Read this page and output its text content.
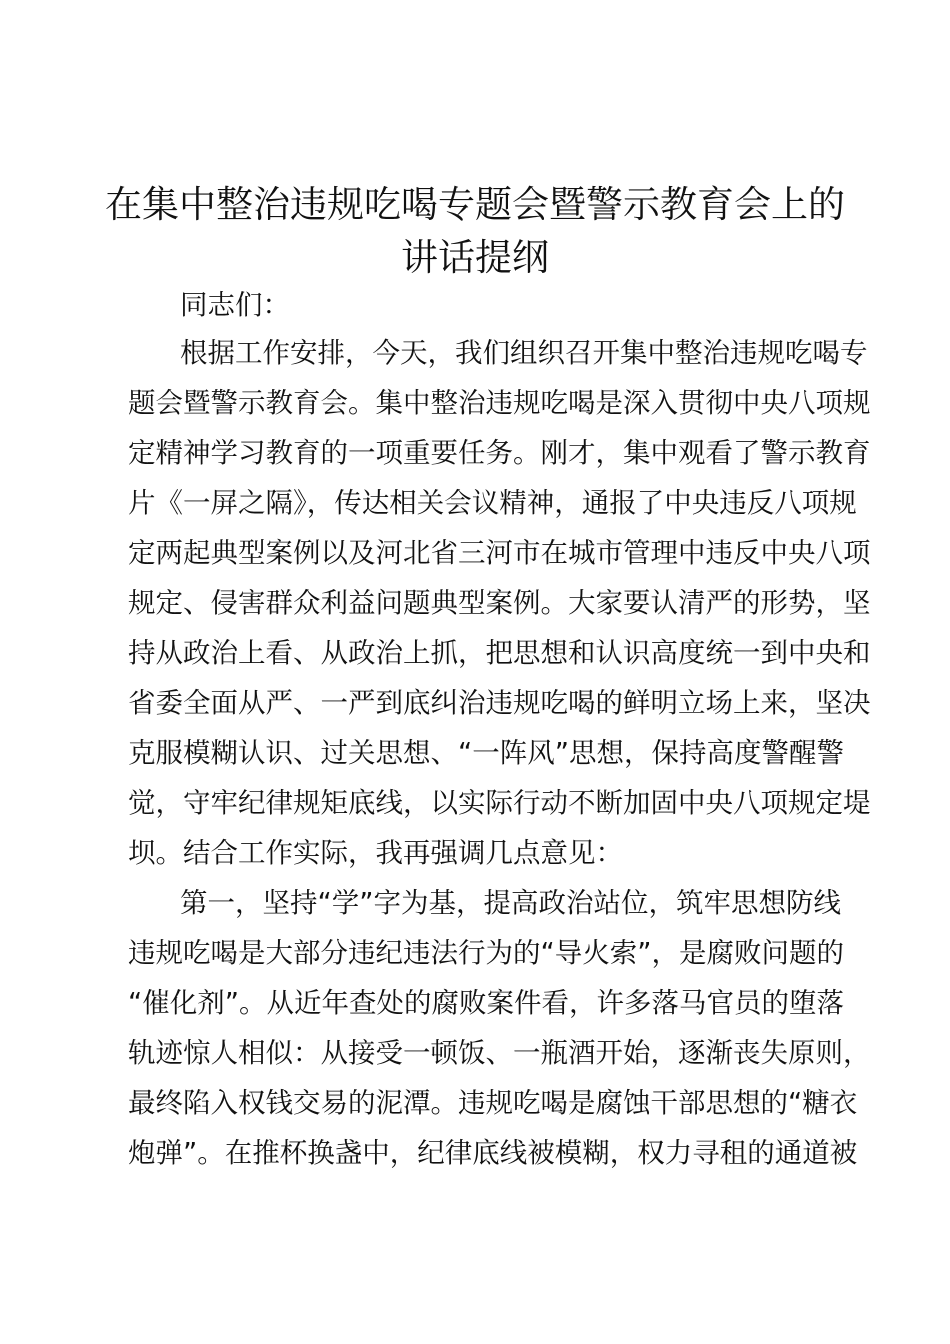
在集中整治违规吃喝专题会暨警示教育会上的
讲话提纲
同志们：
根据工作安排，今天，我们组织召开集中整治违规吃喝专
题会暨警示教育会。集中整治违规吃喝是深入贯彻中央八项规
定精神学习教育的一项重要任务。刚才，集中观看了警示教育
片《一屏之隔》，传达相关会议精神，通报了中央违反八项规
定两起典型案例以及河北省三河市在城市管理中违反中央八项
规定、侵害群众利益问题典型案例。大家要认清严的形势，坚
持从政治上看、从政治上抓，把思想和认识高度统一到中央和
省委全面从严、一严到底纠治违规吃喝的鲜明立场上来，坚决
克服模糊认识、过关思想、“一阵风”思想，保持高度警醒警
觉，守牢纪律规矩底线，以实际行动不断加固中央八项规定堤
坝。结合工作实际，我再强调几点意见：
第一，坚持“学”字为基，提高政治站位，筑牢思想防线
违规吃喝是大部分违纪违法行为的“导火索”，是腐败问题的
“催化剂”。从近年查处的腐败案件看，许多落马官员的堕落
轨迹惊人相似：从接受一顿饭、一瓶酒开始，逐渐丧失原则，
最终陷入权钱交易的泥潭。违规吃喝是腐蚀干部思想的“糖衣
炮弹”。在推杯换盏中，纪律底线被模糊，权力寻租的通道被
